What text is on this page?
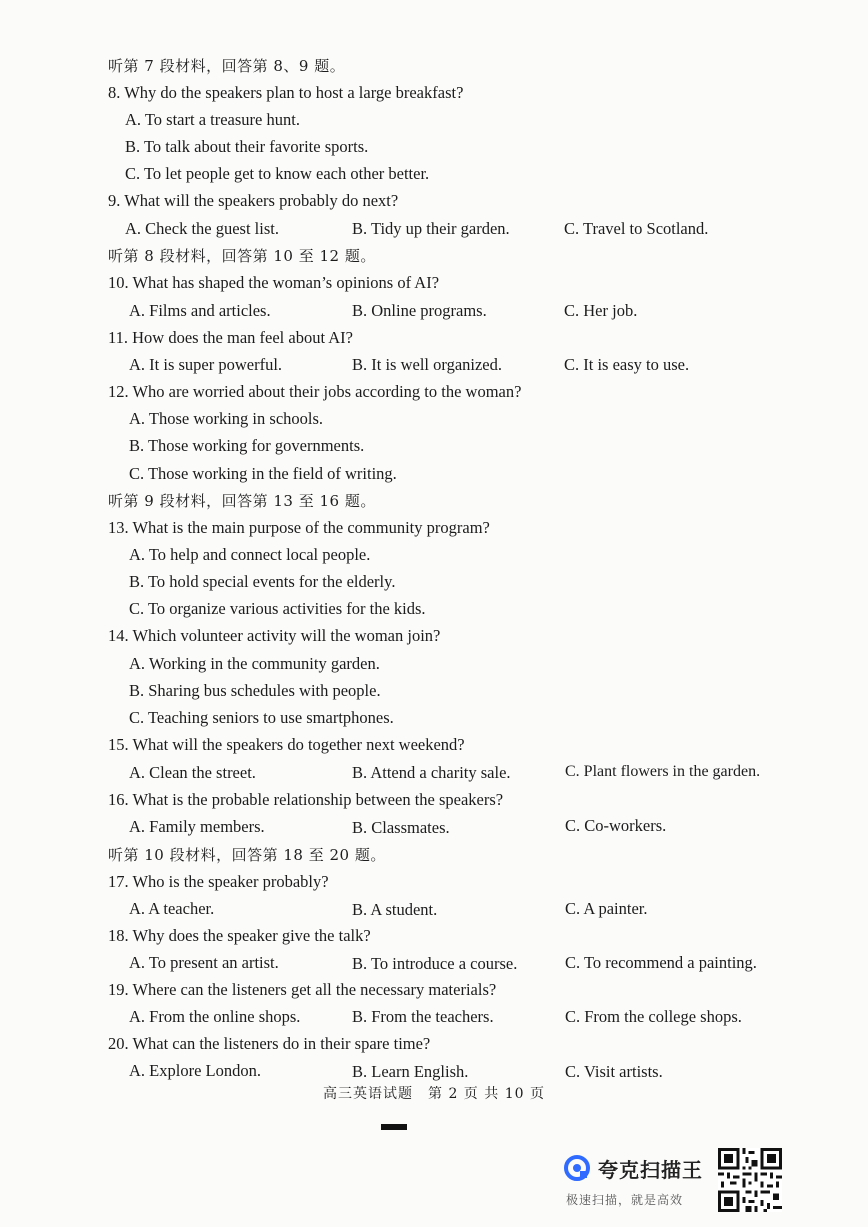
听第 7 段材料，回答第 8、9 题。
8. Why do the speakers plan to host a large breakfast?
A. To start a treasure hunt.
B. To talk about their favorite sports.
C. To let people get to know each other better.
9. What will the speakers probably do next?
A. Check the guest list.	B. Tidy up their garden.	C. Travel to Scotland.
听第 8 段材料，回答第 10 至 12 题。
10. What has shaped the woman’s opinions of AI?
A. Films and articles.	B. Online programs.	C. Her job.
11. How does the man feel about AI?
A. It is super powerful.	B. It is well organized.	C. It is easy to use.
12. Who are worried about their jobs according to the woman?
A. Those working in schools.
B. Those working for governments.
C. Those working in the field of writing.
听第 9 段材料，回答第 13 至 16 题。
13. What is the main purpose of the community program?
A. To help and connect local people.
B. To hold special events for the elderly.
C. To organize various activities for the kids.
14. Which volunteer activity will the woman join?
A. Working in the community garden.
B. Sharing bus schedules with people.
C. Teaching seniors to use smartphones.
15. What will the speakers do together next weekend?
A. Clean the street.	B. Attend a charity sale.	C. Plant flowers in the garden.
16. What is the probable relationship between the speakers?
A. Family members.	B. Classmates.	C. Co-workers.
听第 10 段材料，回答第 18 至 20 题。
17. Who is the speaker probably?
A. A teacher.	B. A student.	C. A painter.
18. Why does the speaker give the talk?
A. To present an artist.	B. To introduce a course.	C. To recommend a painting.
19. Where can the listeners get all the necessary materials?
A. From the online shops.	B. From the teachers.	C. From the college shops.
20. What can the listeners do in their spare time?
A. Explore London.	B. Learn English.	C. Visit artists.
高三英语试题　第 2 页 共 10 页
夸克扫描王
极速扫描，就是高效
